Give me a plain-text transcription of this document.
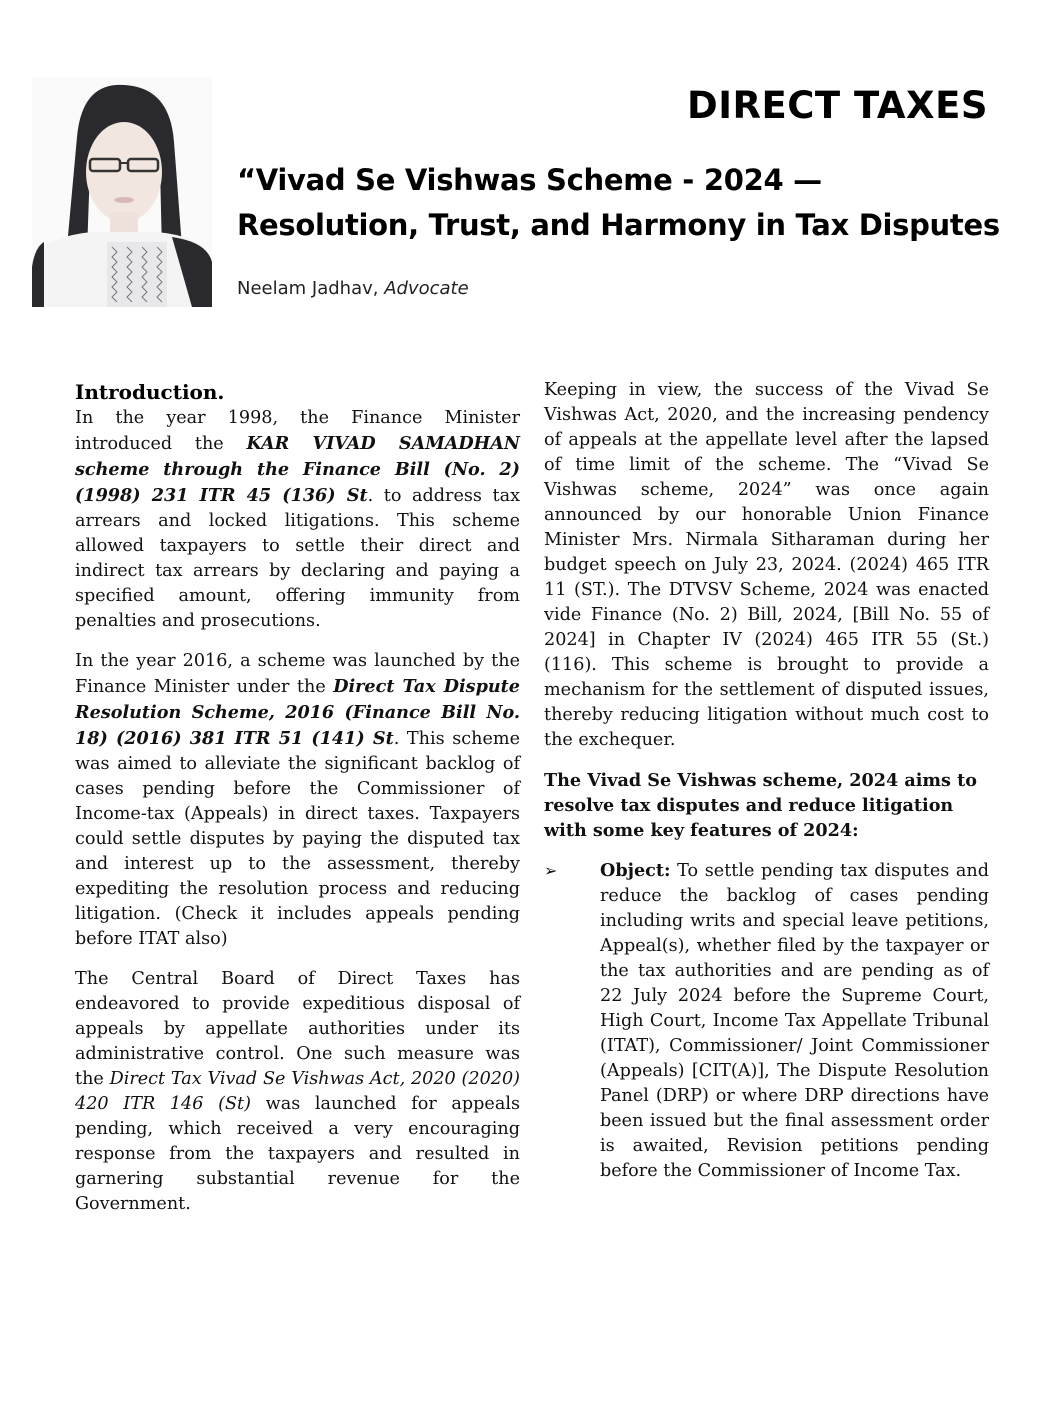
DIRECT TAXES
“Vivad Se Vishwas Scheme - 2024 —
Resolution, Trust, and Harmony in Tax Disputes
Neelam Jadhav, Advocate
Introduction.

In the year 1998, the Finance Minister introduced the KAR VIVAD SAMADHAN scheme through the Finance Bill (No. 2)(1998) 231 ITR 45 (136) St. to address tax arrears and locked litigations. This scheme allowed taxpayers to settle their direct and indirect tax arrears by declaring and paying a specified amount, offering immunity from penalties and prosecutions.

In the year 2016, a scheme was launched by the Finance Minister under the Direct Tax Dispute Resolution Scheme, 2016 (Finance Bill No. 18) (2016) 381 ITR 51 (141) St. This scheme was aimed to alleviate the significant backlog of cases pending before the Commissioner of Income-tax (Appeals) in direct taxes. Taxpayers could settle disputes by paying the disputed tax and interest up to the assessment, thereby expediting the resolution process and reducing litigation. (Check it includes appeals pending before ITAT also)

The Central Board of Direct Taxes has endeavored to provide expeditious disposal of appeals by appellate authorities under its administrative control. One such measure was the Direct Tax Vivad Se Vishwas Act, 2020 (2020) 420 ITR 146 (St) was launched for appeals pending, which received a very encouraging response from the taxpayers and resulted in garnering substantial revenue for the Government.

Keeping in view, the success of the Vivad Se Vishwas Act, 2020, and the increasing pendency of appeals at the appellate level after the lapsed of time limit of the scheme. The “Vivad Se Vishwas scheme, 2024” was once again announced by our honorable Union Finance Minister Mrs. Nirmala Sitharaman during her budget speech on July 23, 2024. (2024) 465 ITR 11 (ST.). The DTVSV Scheme, 2024 was enacted vide Finance (No. 2) Bill, 2024, [Bill No. 55 of 2024] in Chapter IV (2024) 465 ITR 55 (St.) (116). This scheme is brought to provide a mechanism for the settlement of disputed issues, thereby reducing litigation without much cost to the exchequer.

The Vivad Se Vishwas scheme, 2024 aims to resolve tax disputes and reduce litigation with some key features of 2024:

➢	Object: To settle pending tax disputes and reduce the backlog of cases pending including writs and special leave petitions, Appeal(s), whether filed by the taxpayer or the tax authorities and are pending as of 22 July 2024 before the Supreme Court, High Court, Income Tax Appellate Tribunal (ITAT), Commissioner/ Joint Commissioner (Appeals) [CIT(A)], The Dispute Resolution Panel (DRP) or where DRP directions have been issued but the final assessment order is awaited, Revision petitions pending before the Commissioner of Income Tax.
